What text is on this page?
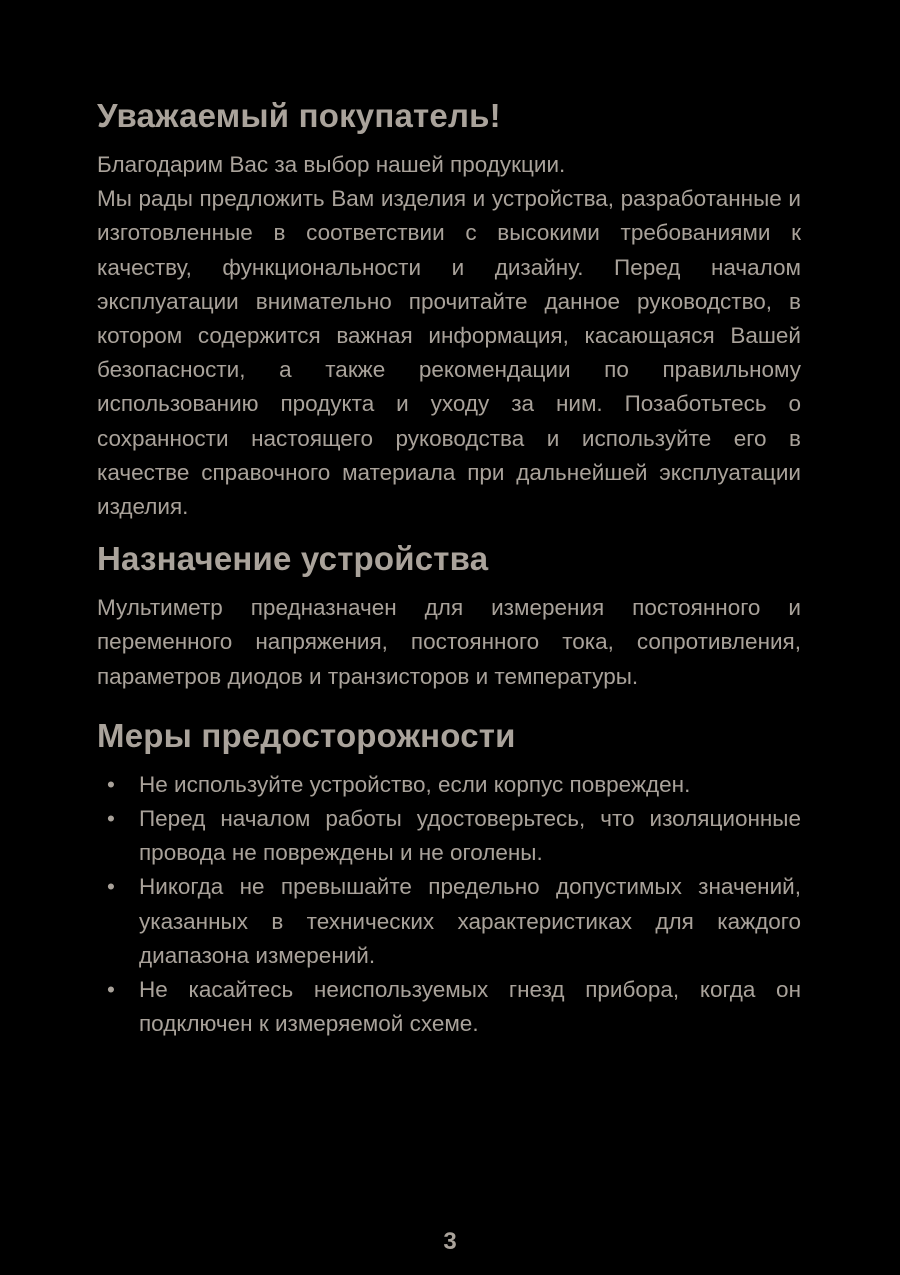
Уважаемый покупатель!

Благодарим Вас за выбор нашей продукции.

Мы рады предложить Вам изделия и устройства, разработанные и изготовленные в соответствии с высокими требованиями к качеству, функциональности и дизайну. Перед началом эксплуатации внимательно прочитайте данное руководство, в котором содержится важная информация, касающаяся Вашей безопасности, а также рекомендации по правильному использованию продукта и уходу за ним. Позаботьтесь о сохранности настоящего руководства и используйте его в качестве справочного материала при дальнейшей эксплуатации изделия.

Назначение устройства

Мультиметр предназначен для измерения постоянного и переменного напряжения, постоянного тока, сопротивления, параметров диодов и транзисторов и температуры.

Меры предосторожности
• Не используйте устройство, если корпус поврежден.
• Перед началом работы удостоверьтесь, что изоляционные провода не повреждены и не оголены.
• Никогда не превышайте предельно допустимых значений, указанных в технических характеристиках для каждого диапазона измерений.
• Не касайтесь неиспользуемых гнезд прибора, когда он подключен к измеряемой схеме.
3
